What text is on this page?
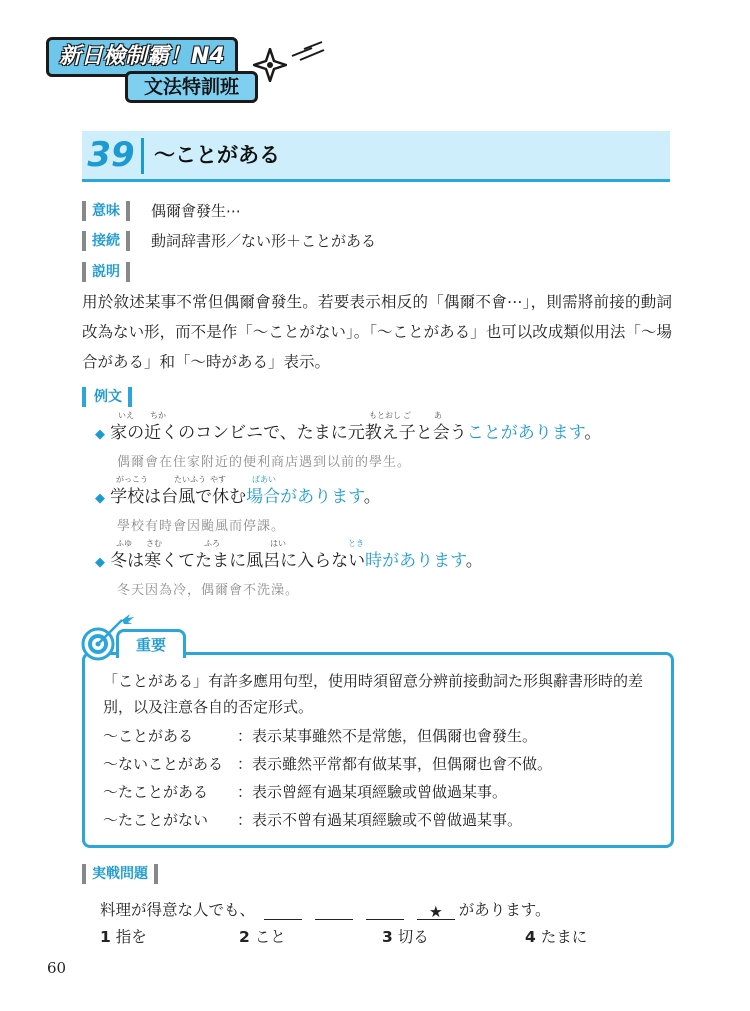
新日檢制霸！N4
文法特訓班
39 〜ことがある
意味	偶爾會發生⋯
接続	動詞辞書形／ない形＋ことがある
説明
用於敘述某事不常但偶爾會發生。若要表示相反的「偶爾不會⋯」，則需將前接的動詞改為ない形，而不是作「〜ことがない」。「〜ことがある」也可以改成類似用法「〜場合がある」和「〜時がある」表示。
例文
いえ ちか	もとおし ご	あ
◆ 家の近くのコンビニで、たまに元教え子と会うことがあります。
偶爾會在住家附近的便利商店遇到以前的學生。
がっこう	たいふう やす	ばあい
◆ 学校は台風で休む場合があります。
學校有時會因颱風而停課。
ふゆ さむ	ふろ	はい	とき
◆ 冬は寒くてたまに風呂に入らない時があります。
冬天因為冷，偶爾會不洗澡。
重要
「ことがある」有許多應用句型，使用時須留意分辨前接動詞た形與辭書形時的差別，以及注意各自的否定形式。
〜ことがある	：表示某事雖然不是常態，但偶爾也會發生。
〜ないことがある ：表示雖然平常都有做某事，但偶爾也會不做。
〜たことがある ：表示曾經有過某項經驗或曾做過某事。
〜たことがない ：表示不曾有過某項經驗或不曾做過某事。
実戦問題
料理が得意な人でも、	★ があります。
1 指を	2 こと	3 切る	4 たまに
60
